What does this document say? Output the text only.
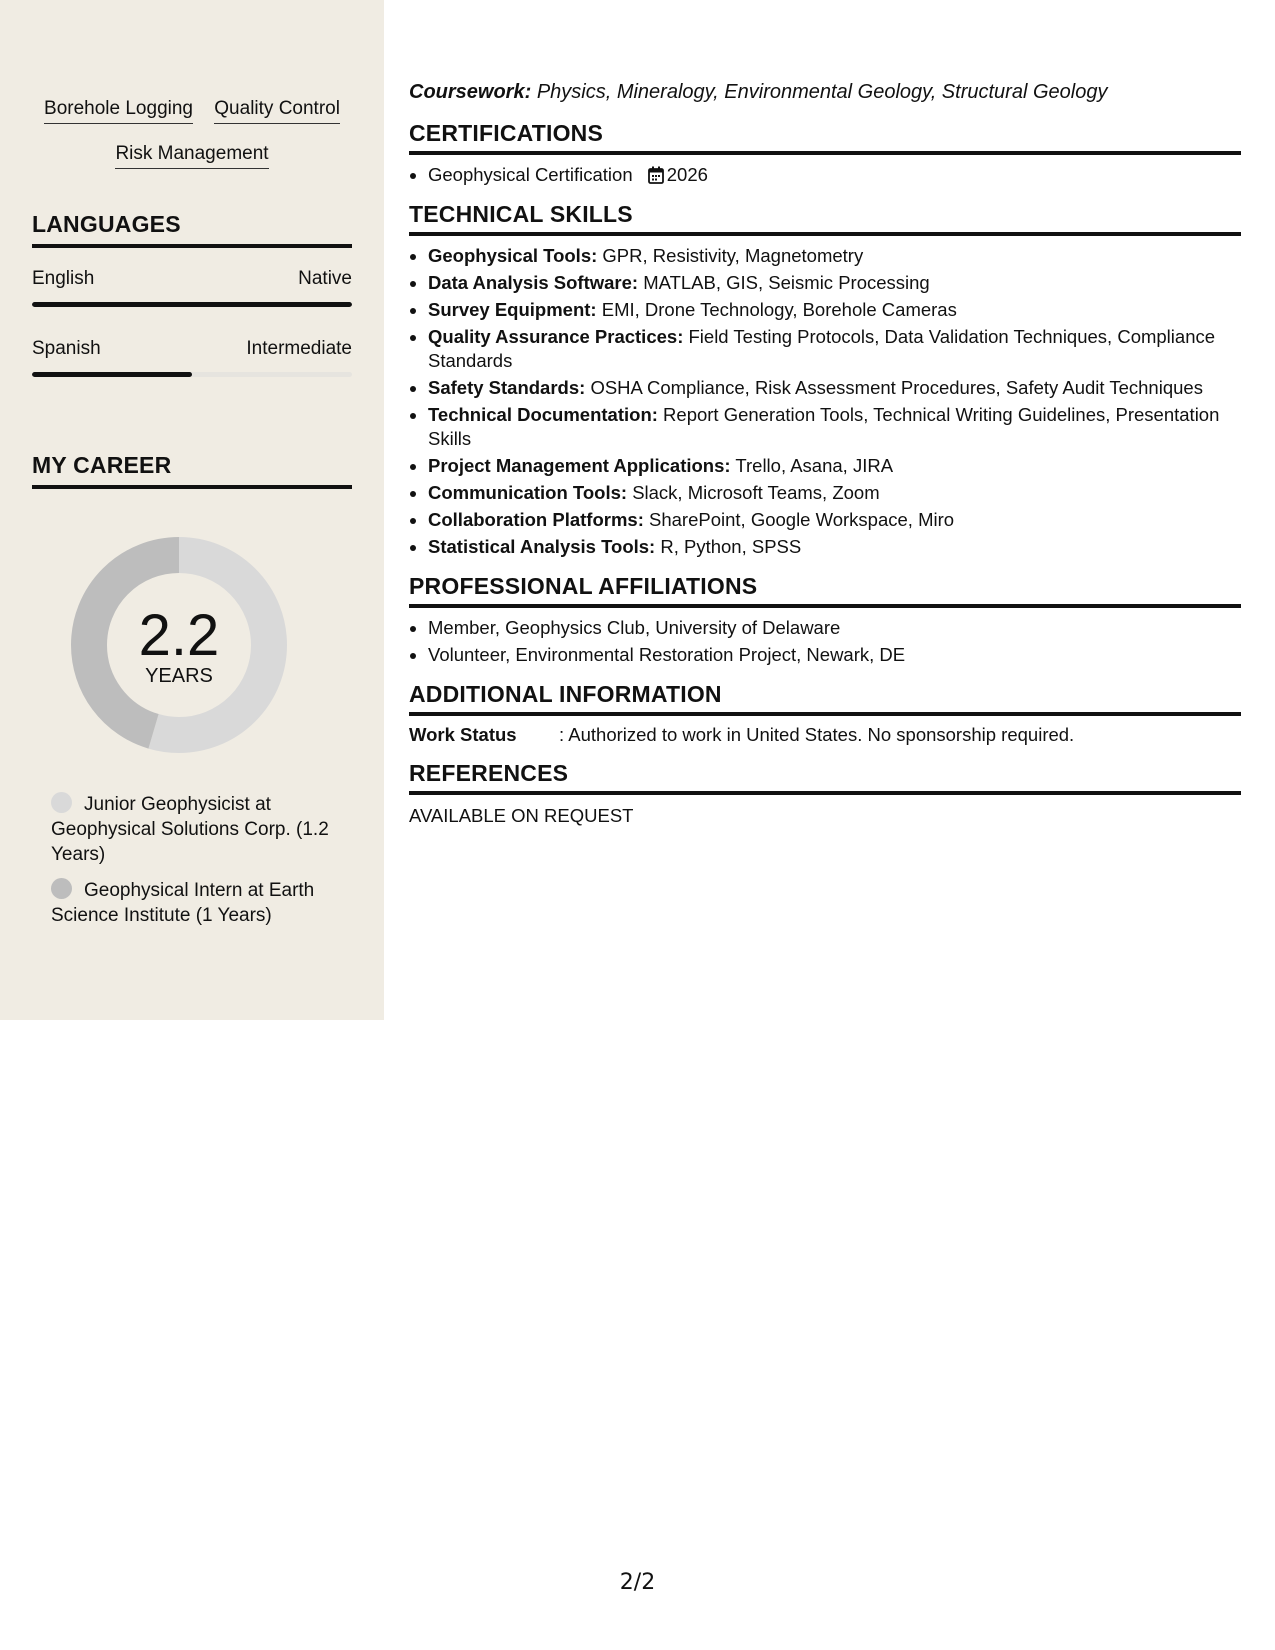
Borehole Logging Quality Control
Risk Management
LANGUAGES
English	Native
Spanish	Intermediate
MY CAREER
2.2
YEARS
Junior Geophysicist at Geophysical Solutions Corp. (1.2 Years)
Geophysical Intern at Earth Science Institute (1 Years)
Coursework: Physics, Mineralogy, Environmental Geology, Structural Geology
CERTIFICATIONS
• Geophysical Certification 2026
TECHNICAL SKILLS
• Geophysical Tools: GPR, Resistivity, Magnetometry
• Data Analysis Software: MATLAB, GIS, Seismic Processing
• Survey Equipment: EMI, Drone Technology, Borehole Cameras
• Quality Assurance Practices: Field Testing Protocols, Data Validation Techniques, Compliance Standards
• Safety Standards: OSHA Compliance, Risk Assessment Procedures, Safety Audit Techniques
• Technical Documentation: Report Generation Tools, Technical Writing Guidelines, Presentation Skills
• Project Management Applications: Trello, Asana, JIRA
• Communication Tools: Slack, Microsoft Teams, Zoom
• Collaboration Platforms: SharePoint, Google Workspace, Miro
• Statistical Analysis Tools: R, Python, SPSS
PROFESSIONAL AFFILIATIONS
• Member, Geophysics Club, University of Delaware
• Volunteer, Environmental Restoration Project, Newark, DE
ADDITIONAL INFORMATION
Work Status	: Authorized to work in United States. No sponsorship required.
REFERENCES
AVAILABLE ON REQUEST
2/2
